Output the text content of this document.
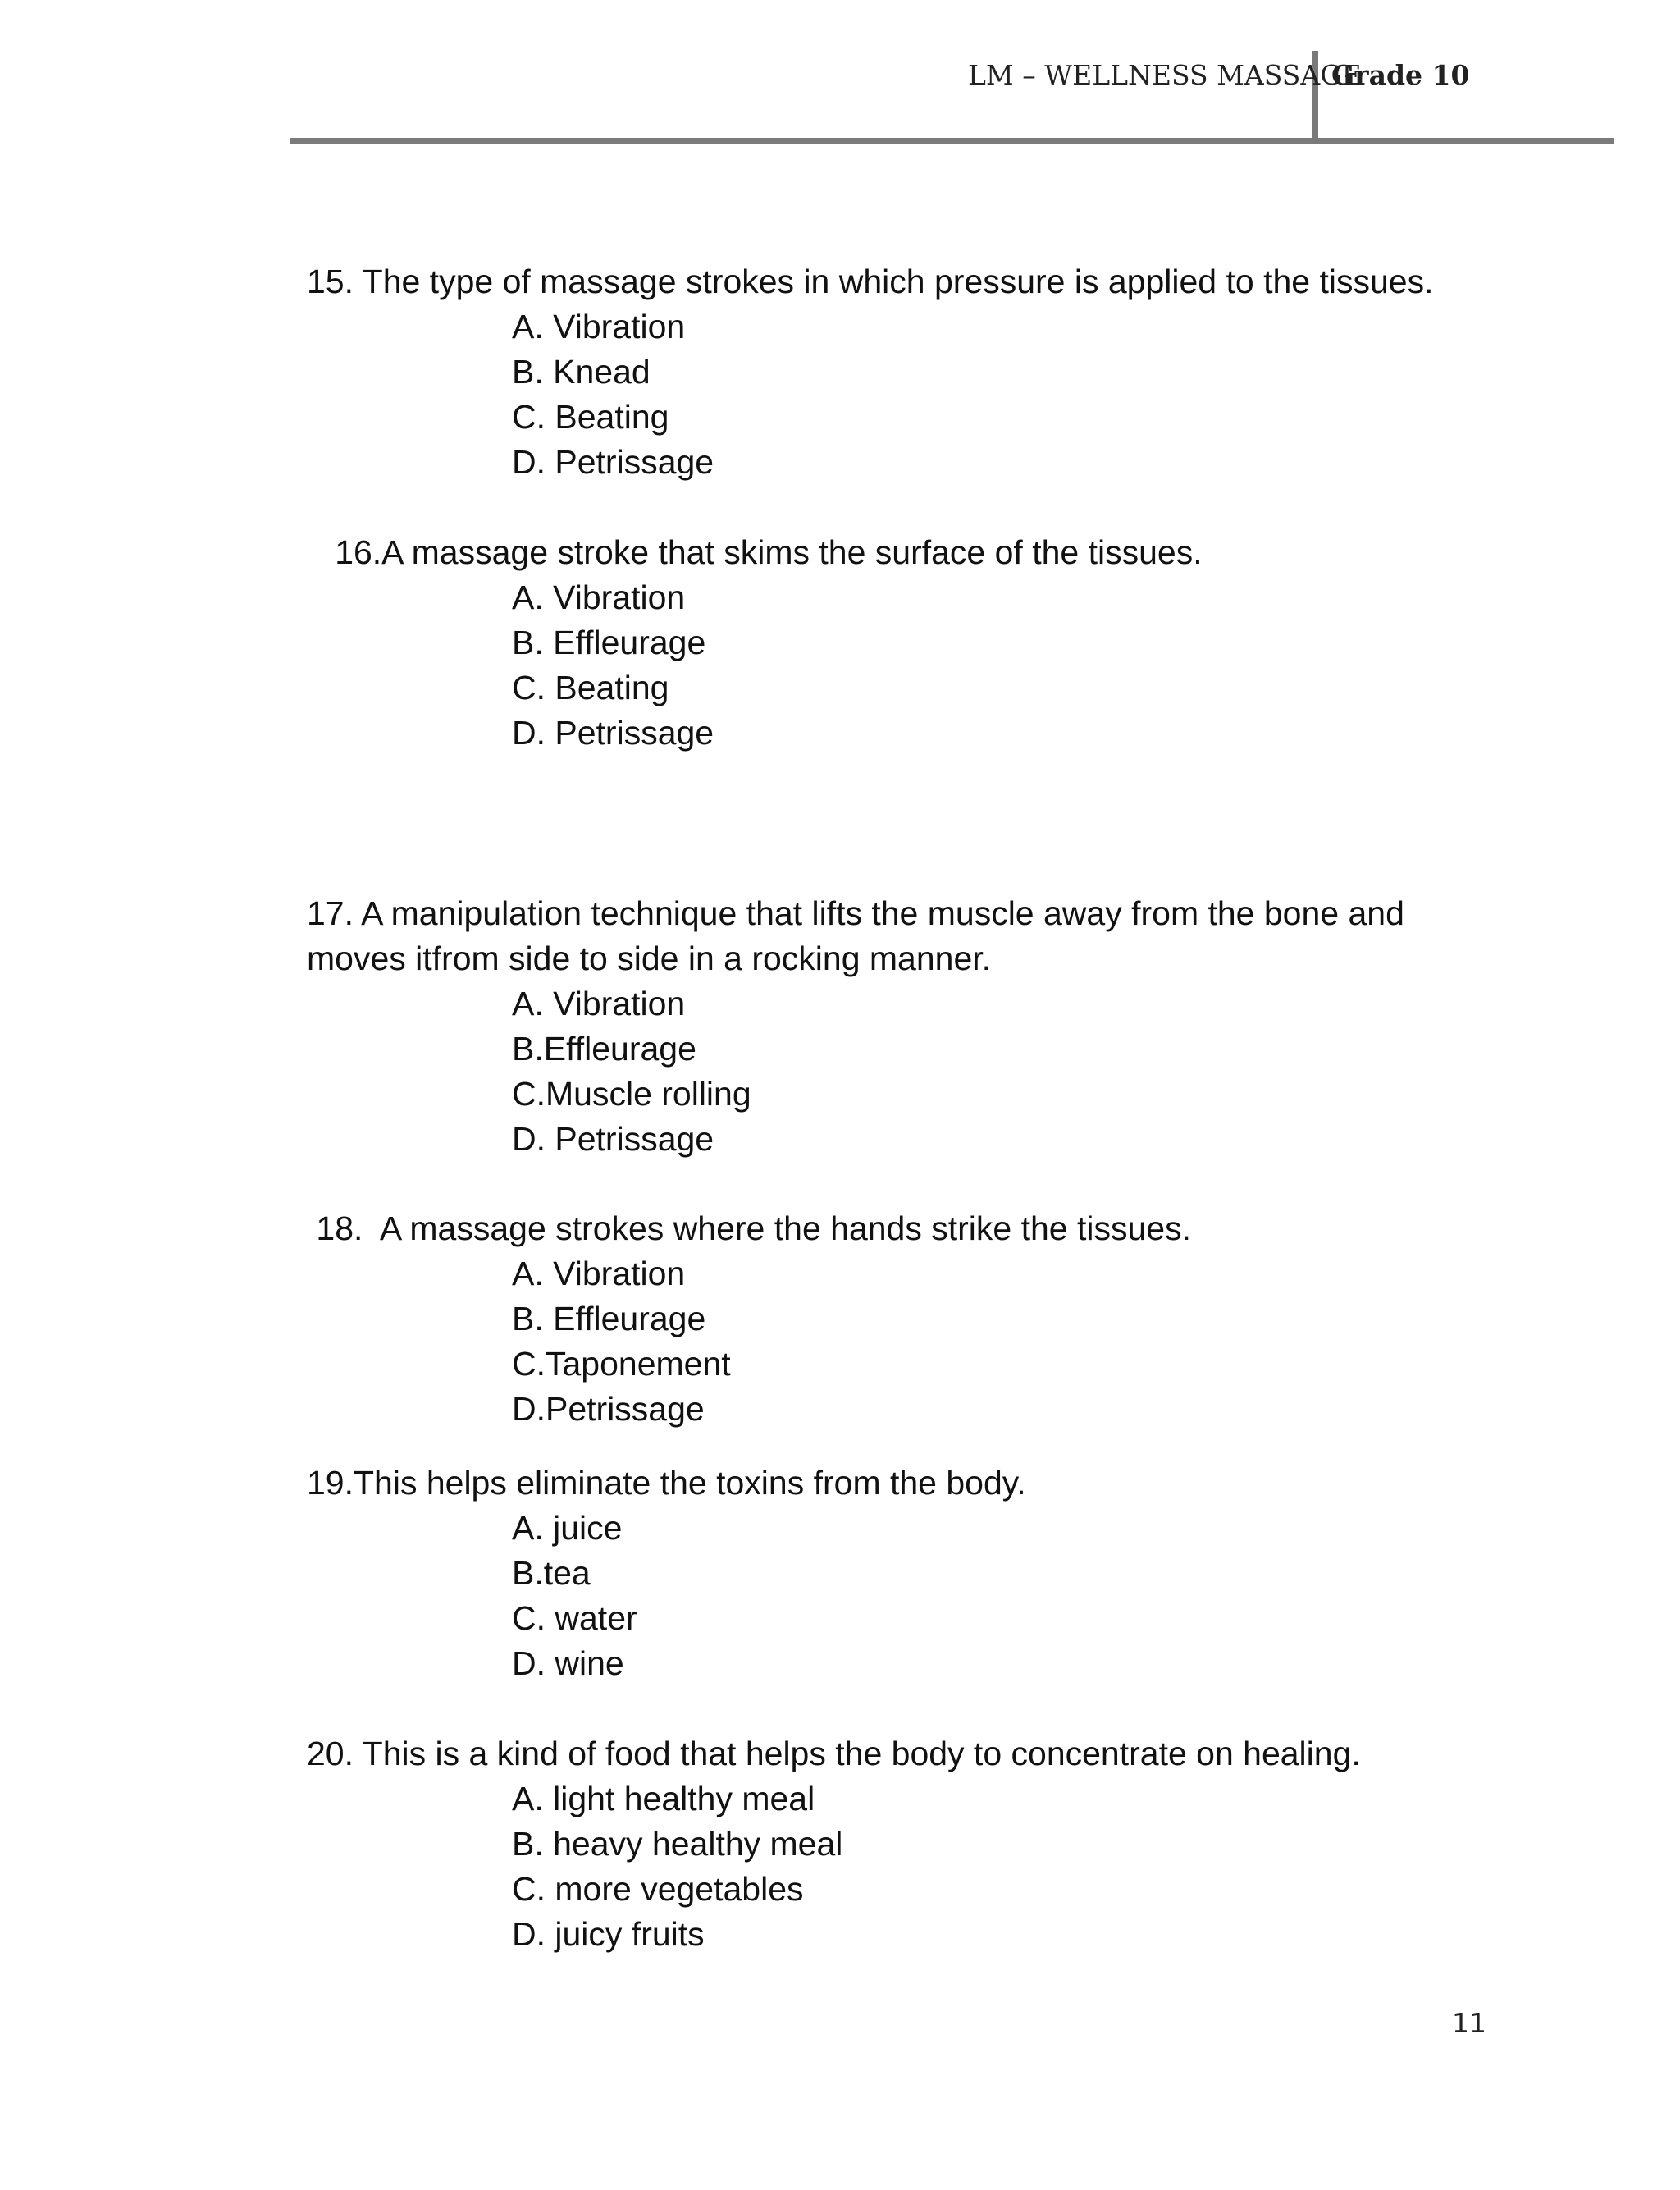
LM – WELLNESS MASSAGE
Grade 10

15. The type of massage strokes in which pressure is applied to the tissues.

A. Vibration
B. Knead
C. Beating
D. Petrissage

16.A massage stroke that skims the surface of the tissues.

A. Vibration
B. Effleurage
C. Beating
D. Petrissage

17. A manipulation technique that lifts the muscle away from the bone and
moves itfrom side to side in a rocking manner.

A. Vibration
B.Effleurage
C.Muscle rolling
D. Petrissage

18.  A massage strokes where the hands strike the tissues.

A. Vibration
B. Effleurage
C.Taponement
D.Petrissage

19.This helps eliminate the toxins from the body.

A. juice
B.tea
C. water
D. wine

20. This is a kind of food that helps the body to concentrate on healing.

A. light healthy meal
B. heavy healthy meal
C. more vegetables
D. juicy fruits
11
